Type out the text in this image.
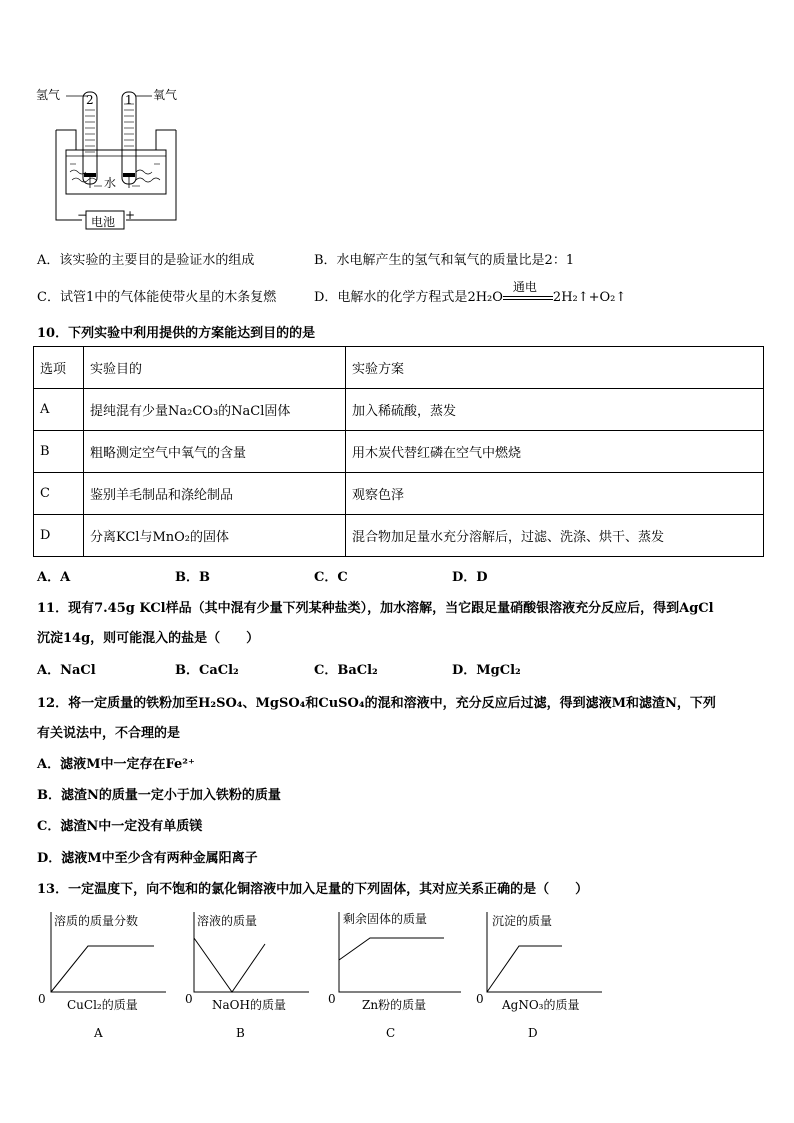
氢气	氧气
2	1
水
电池
−	+
A．该实验的主要目的是验证水的组成	B．水电解产生的氢气和氧气的质量比是2：1
C．试管1中的气体能使带火星的木条复燃	D．电解水的化学方程式是2H₂O
通电
2H₂↑+O₂↑
10．下列实验中利用提供的方案能达到目的的是
选项	实验目的	实验方案
A	提纯混有少量Na₂CO₃的NaCl固体	加入稀硫酸，蒸发
B	粗略测定空气中氧气的含量	用木炭代替红磷在空气中燃烧
C	鉴别羊毛制品和涤纶制品	观察色泽
D	分离KCl与MnO₂的固体	混合物加足量水充分溶解后，过滤、洗涤、烘干、蒸发
A．A	B．B	C．C	D．D
11．现有7.45g KCl样品（其中混有少量下列某种盐类），加水溶解，当它跟足量硝酸银溶液充分反应后，得到AgCl
沉淀14g，则可能混入的盐是（　　）
A．NaCl	B．CaCl₂	C．BaCl₂	D．MgCl₂
12．将一定质量的铁粉加至H₂SO₄、MgSO₄和CuSO₄的混和溶液中，充分反应后过滤，得到滤液M和滤渣N，下列
有关说法中，不合理的是
A．滤液M中一定存在Fe²⁺
B．滤渣N的质量一定小于加入铁粉的质量
C．滤渣N中一定没有单质镁
D．滤液M中至少含有两种金属阳离子
13．一定温度下，向不饱和的氯化铜溶液中加入足量的下列固体，其对应关系正确的是（　　）
溶质的质量分数
0 CuCl₂的质量
A
溶液的质量
0 NaOH的质量
B
剩余固体的质量
0 Zn粉的质量
C
沉淀的质量
0 AgNO₃的质量
D
